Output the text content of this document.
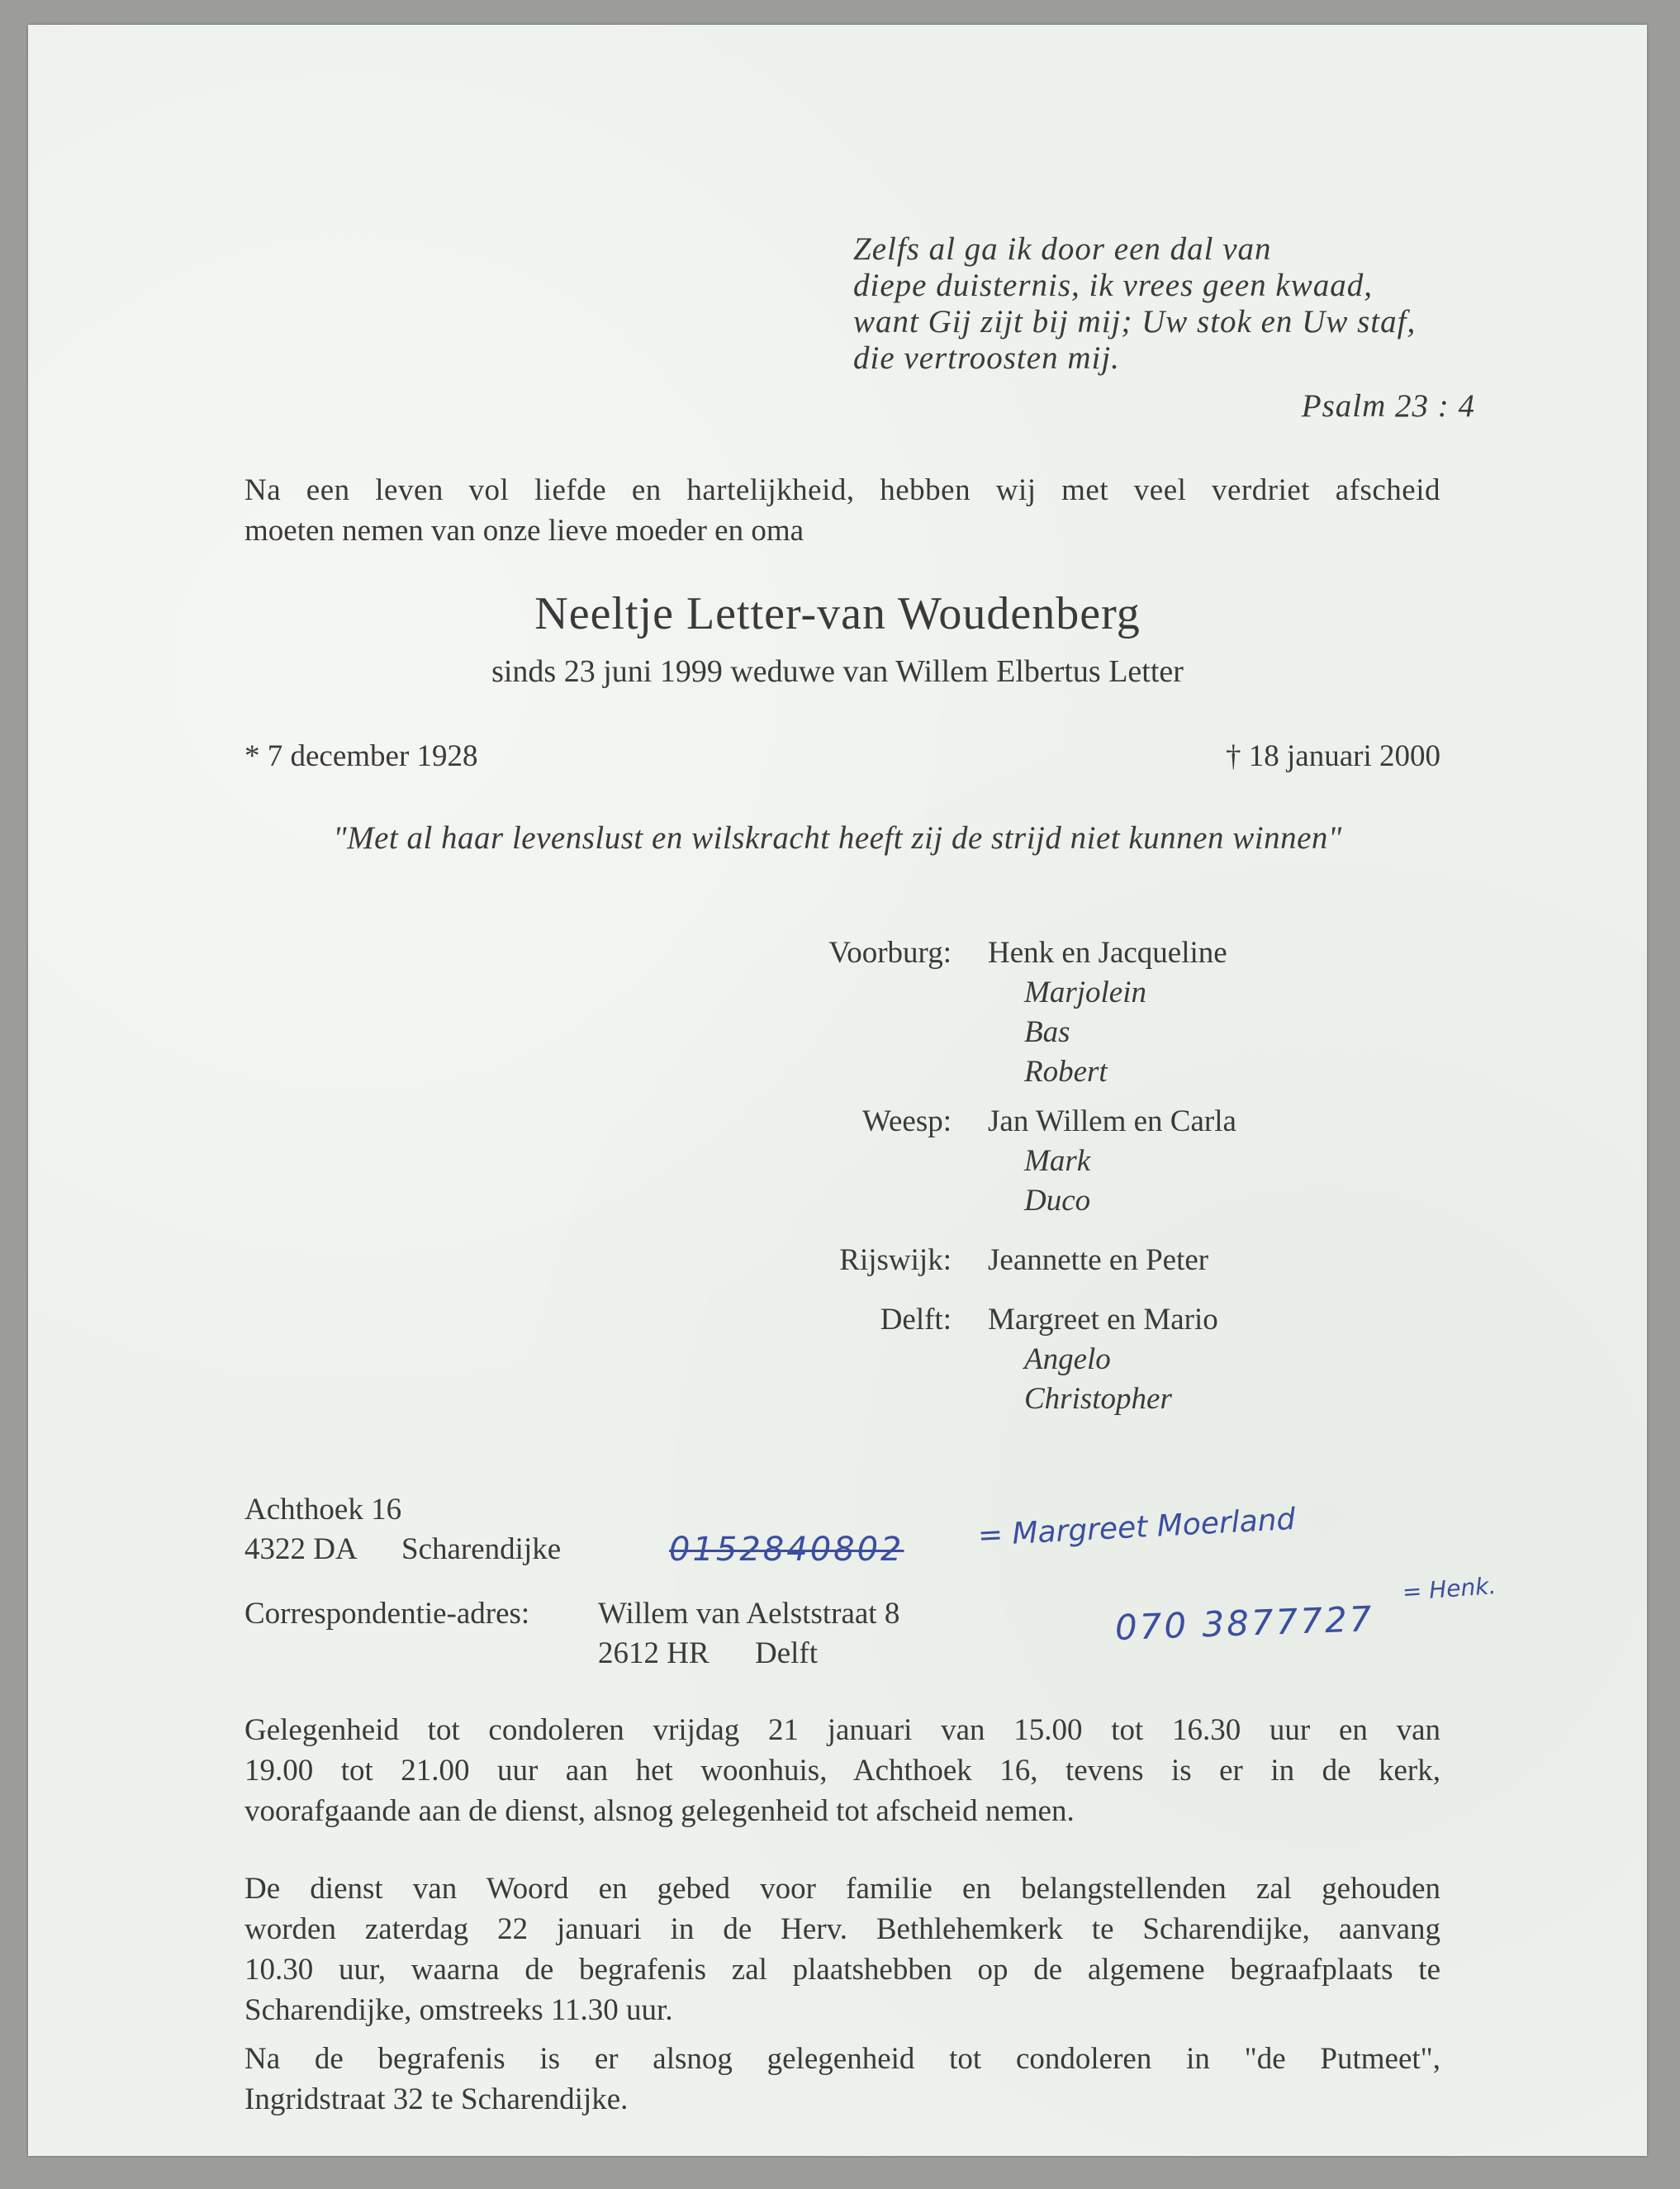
Zelfs al ga ik door een dal van
diepe duisternis, ik vrees geen kwaad,
want Gij zijt bij mij; Uw stok en Uw staf,
die vertroosten mij.
Psalm 23 : 4
Na een leven vol liefde en hartelijkheid, hebben wij met veel verdriet afscheid
moeten nemen van onze lieve moeder en oma
Neeltje Letter-van Woudenberg
sinds 23 juni 1999 weduwe van Willem Elbertus Letter
* 7 december 1928	† 18 januari 2000
"Met al haar levenslust en wilskracht heeft zij de strijd niet kunnen winnen"
Voorburg: Henk en Jacqueline
Marjolein
Bas
Robert
Weesp: Jan Willem en Carla
Mark
Duco
Rijswijk: Jeannette en Peter
Delft: Margreet en Mario
Angelo
Christopher
Achthoek 16
4322 DA Scharendijke	0152840802 = Margreet Moerland
Correspondentie-adres: Willem van Aelststraat 8
2612 HR Delft
070 3877727
= Henk.
Gelegenheid tot condoleren vrijdag 21 januari van 15.00 tot 16.30 uur en van
19.00 tot 21.00 uur aan het woonhuis, Achthoek 16, tevens is er in de kerk,
voorafgaande aan de dienst, alsnog gelegenheid tot afscheid nemen.
De dienst van Woord en gebed voor familie en belangstellenden zal gehouden
worden zaterdag 22 januari in de Herv. Bethlehemkerk te Scharendijke, aanvang
10.30 uur, waarna de begrafenis zal plaatshebben op de algemene begraafplaats te
Scharendijke, omstreeks 11.30 uur.
Na de begrafenis is er alsnog gelegenheid tot condoleren in "de Putmeet",
Ingridstraat 32 te Scharendijke.
